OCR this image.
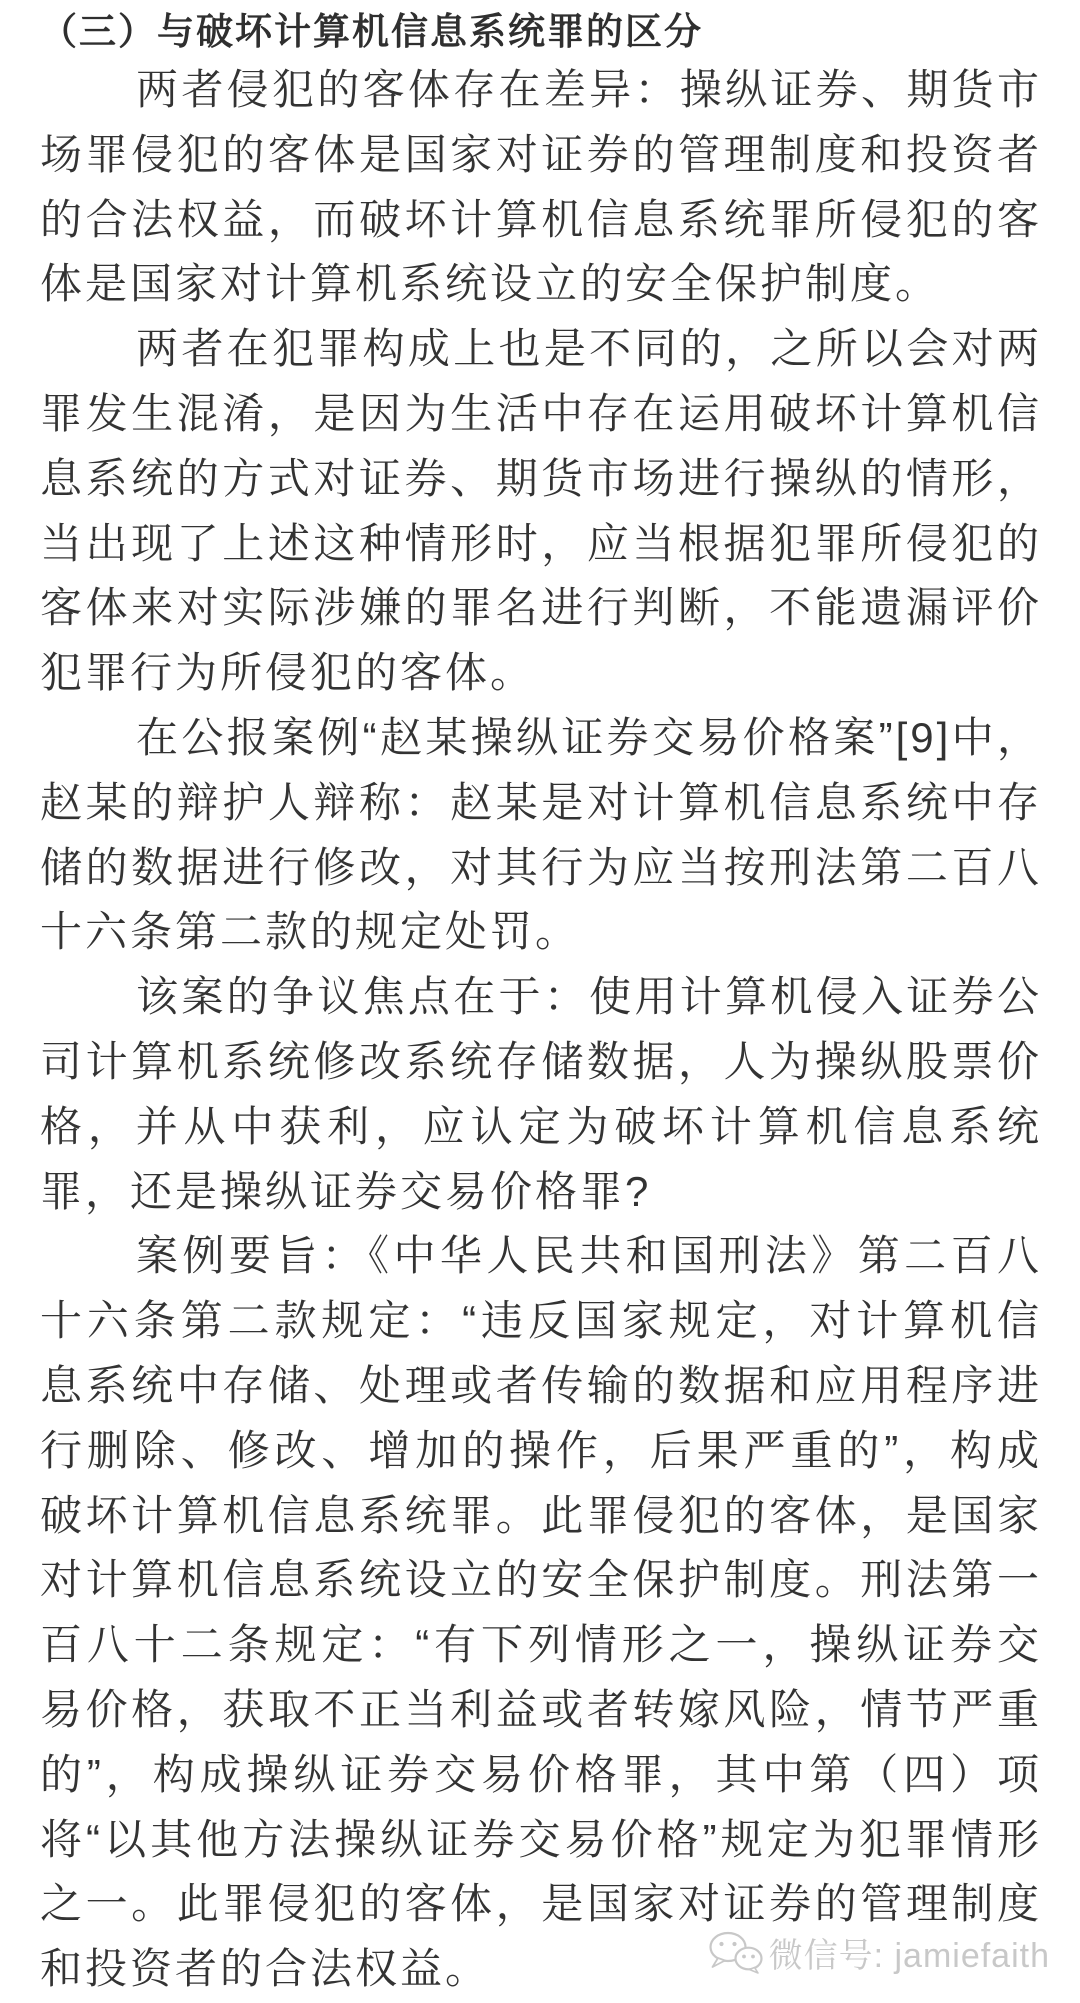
（三）与破坏计算机信息系统罪的区分

两者侵犯的客体存在差异：操纵证券、期货市场罪侵犯的客体是国家对证券的管理制度和投资者的合法权益，而破坏计算机信息系统罪所侵犯的客体是国家对计算机系统设立的安全保护制度。

两者在犯罪构成上也是不同的，之所以会对两罪发生混淆，是因为生活中存在运用破坏计算机信息系统的方式对证券、期货市场进行操纵的情形，当出现了上述这种情形时，应当根据犯罪所侵犯的客体来对实际涉嫌的罪名进行判断，不能遗漏评价犯罪行为所侵犯的客体。

在公报案例“赵某操纵证券交易价格案”[9]中，赵某的辩护人辩称：赵某是对计算机信息系统中存储的数据进行修改，对其行为应当按刑法第二百八十六条第二款的规定处罚。

该案的争议焦点在于：使用计算机侵入证券公司计算机系统修改系统存储数据，人为操纵股票价格，并从中获利，应认定为破坏计算机信息系统罪，还是操纵证券交易价格罪?

案例要旨：《中华人民共和国刑法》第二百八十六条第二款规定：“违反国家规定，对计算机信息系统中存储、处理或者传输的数据和应用程序进行删除、修改、增加的操作，后果严重的”，构成破坏计算机信息系统罪。此罪侵犯的客体，是国家对计算机信息系统设立的安全保护制度。刑法第一百八十二条规定：“有下列情形之一，操纵证券交易价格，获取不正当利益或者转嫁风险，情节严重的”，构成操纵证券交易价格罪，其中第（四）项将“以其他方法操纵证券交易价格”规定为犯罪情形之一。此罪侵犯的客体，是国家对证券的管理制度和投资者的合法权益。	微信号: jamiefaith
